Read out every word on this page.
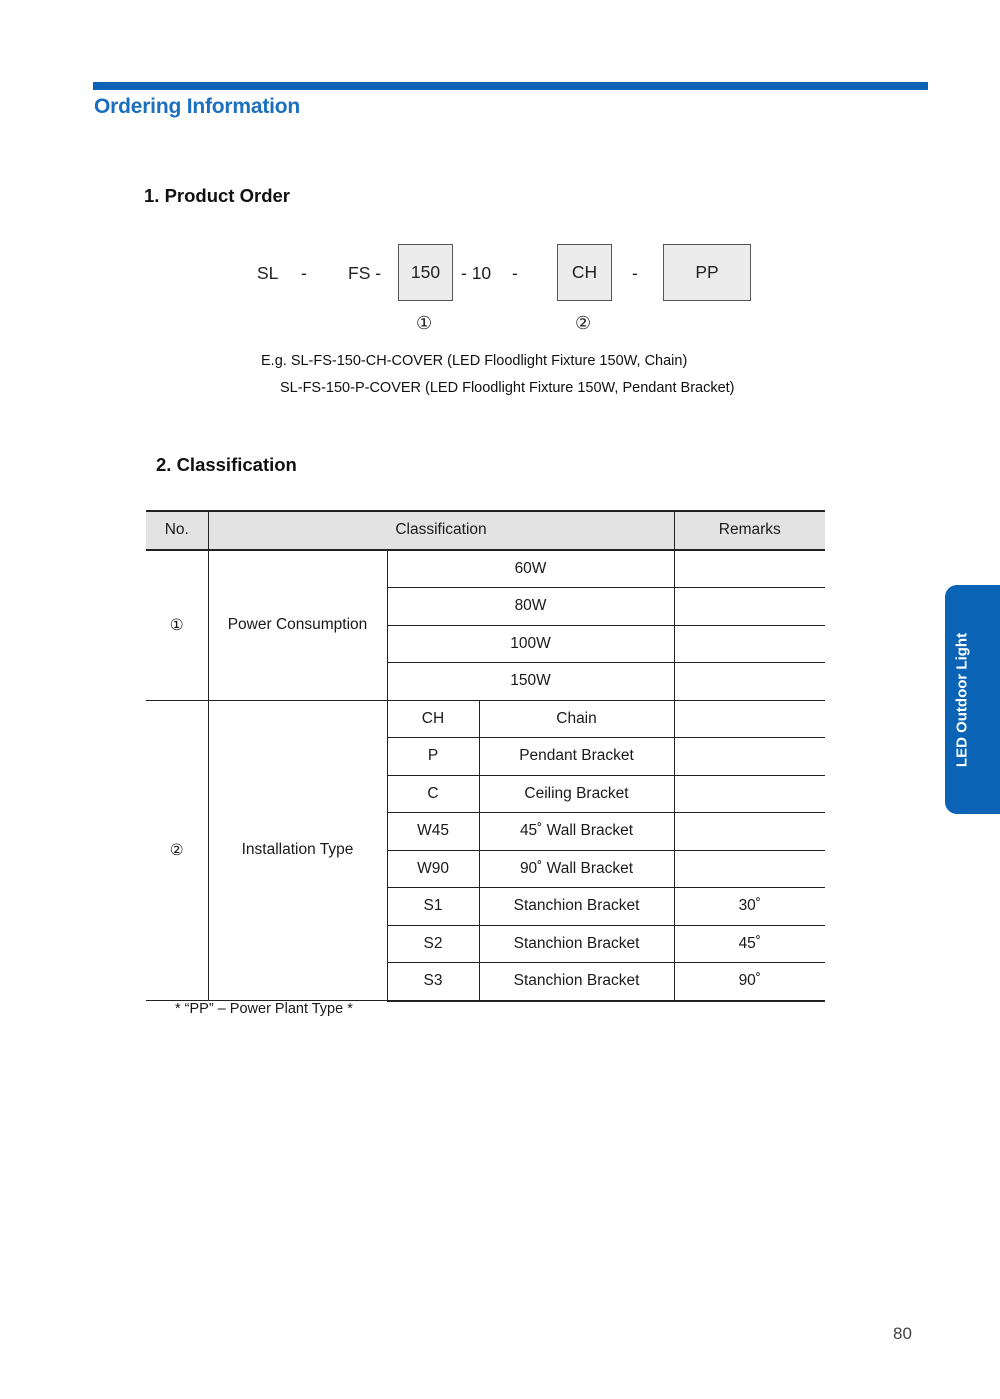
Ordering Information
1. Product Order
SL - FS -	150	- 10 -	CH	-	PP
①	②
E.g. SL-FS-150-CH-COVER (LED Floodlight Fixture 150W, Chain)
SL-FS-150-P-COVER (LED Floodlight Fixture 150W, Pendant Bracket)
2. Classification
No.	Classification			Remarks
①	Power Consumption	60W		
		80W		
		100W		
		150W		
②	Installation Type	CH	Chain	
		P	Pendant Bracket	
		C	Ceiling Bracket	
		W45	45˚ Wall Bracket	
		W90	90˚ Wall Bracket	
		S1	Stanchion Bracket	30˚
		S2	Stanchion Bracket	45˚
		S3	Stanchion Bracket	90˚
* “PP” – Power Plant Type *
LED Outdoor Light
80
